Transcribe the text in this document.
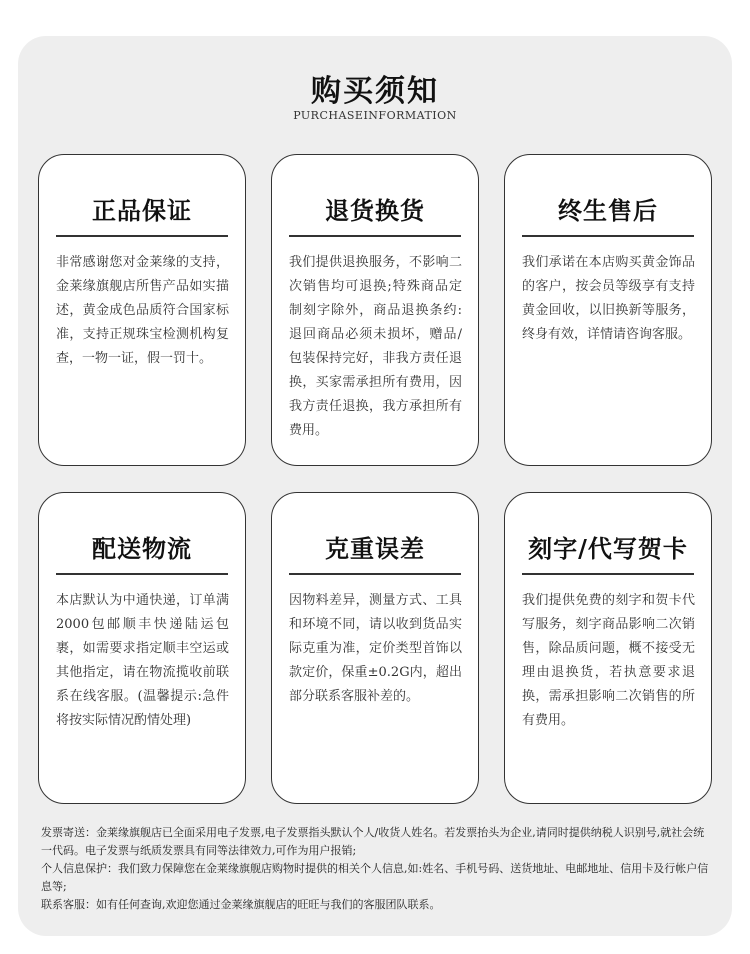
购买须知
PURCHASEINFORMATION
正品保证
非常感谢您对金莱缘的支持，金莱缘旗舰店所售产品如实描述，黄金成色品质符合国家标准，支持正规珠宝检测机构复查，一物一证，假一罚十。
退货换货
我们提供退换服务，不影响二次销售均可退换;特殊商品定制刻字除外，商品退换条约:退回商品必须未损坏，赠品/包装保持完好，非我方责任退换，买家需承担所有费用，因我方责任退换，我方承担所有费用。
终生售后
我们承诺在本店购买黄金饰品的客户，按会员等级享有支持黄金回收，以旧换新等服务，终身有效，详情请咨询客服。
配送物流
本店默认为中通快递，订单满2000包邮顺丰快递陆运包裹，如需要求指定顺丰空运或其他指定，请在物流揽收前联系在线客服。(温馨提示:急件将按实际情况酌情处理)
克重误差
因物料差异，测量方式、工具和环境不同，请以收到货品实际克重为准，定价类型首饰以款定价，保重±0.2G内，超出部分联系客服补差的。
刻字/代写贺卡
我们提供免费的刻字和贺卡代写服务，刻字商品影响二次销售，除品质问题，概不接受无理由退换货，若执意要求退换，需承担影响二次销售的所有费用。

发票寄送：金莱缘旗舰店已全面采用电子发票,电子发票指头默认个人/收货人姓名。若发票抬头为企业,请同时提供纳税人识别号,就社会统一代码。电子发票与纸质发票具有同等法律效力,可作为用户报销;

个人信息保护：我们致力保障您在金莱缘旗舰店购物时提供的相关个人信息,如:姓名、手机号码、送货地址、电邮地址、信用卡及行帐户信息等;

联系客服：如有任何查询,欢迎您通过金莱缘旗舰店的旺旺与我们的客服团队联系。
